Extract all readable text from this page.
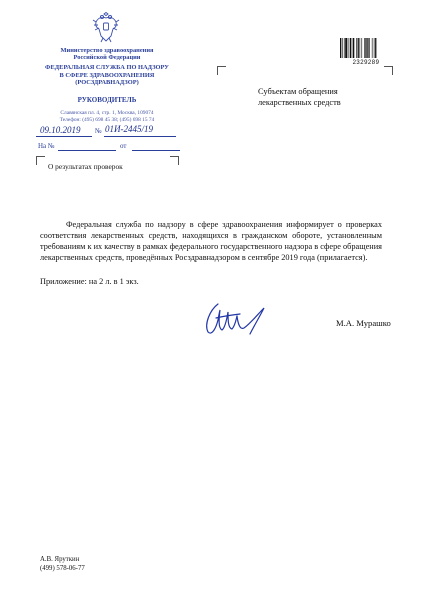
Министерство здравоохранения
Российской Федерации
ФЕДЕРАЛЬНАЯ СЛУЖБА ПО НАДЗОРУ
В СФЕРЕ ЗДРАВООХРАНЕНИЯ
(РОСЗДРАВНАДЗОР)
РУКОВОДИТЕЛЬ
Славянская пл. 4, стр. 1, Москва, 109074
Телефон: (495) 698 45 38; (495) 698 15 74
09.10.2019 № 01И-2445/19
На №	от
О результатах проверок
2329289
Субъектам обращения
лекарственных средств
Федеральная служба по надзору в сфере здравоохранения информирует о проверках соответствия лекарственных средств, находящихся в гражданском обороте, установленным требованиям к их качеству в рамках федерального государственного надзора в сфере обращения лекарственных средств, проведённых Росздравнадзором в сентябре 2019 года (прилагается).
Приложение: на 2 л. в 1 экз.
М.А. Мурашко
А.В. Яруткин
(499) 578-06-77
